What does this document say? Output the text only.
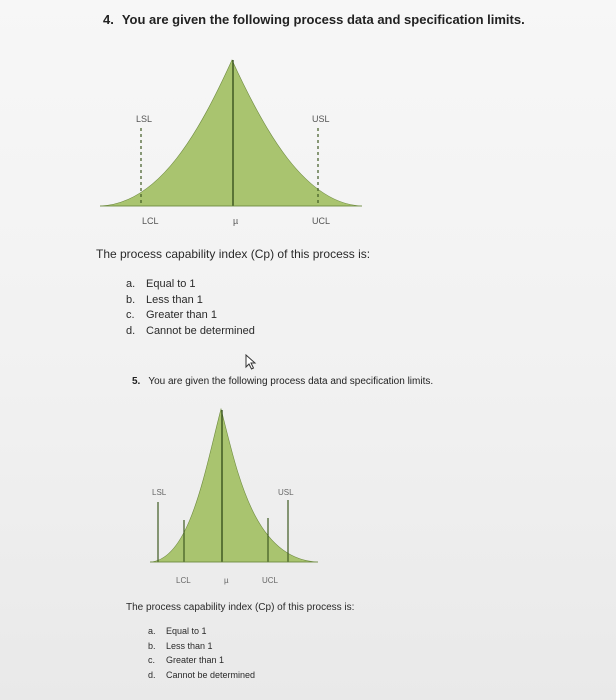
4. You are given the following process data and specification limits.
LSL	USL
LCL	µ	UCL
The process capability index (Cp) of this process is:
a. Equal to 1
b. Less than 1
c. Greater than 1
d. Cannot be determined
5. You are given the following process data and specification limits.
LSL	USL
LCL	µ	UCL
The process capability index (Cp) of this process is:
a. Equal to 1
b. Less than 1
c. Greater than 1
d. Cannot be determined
